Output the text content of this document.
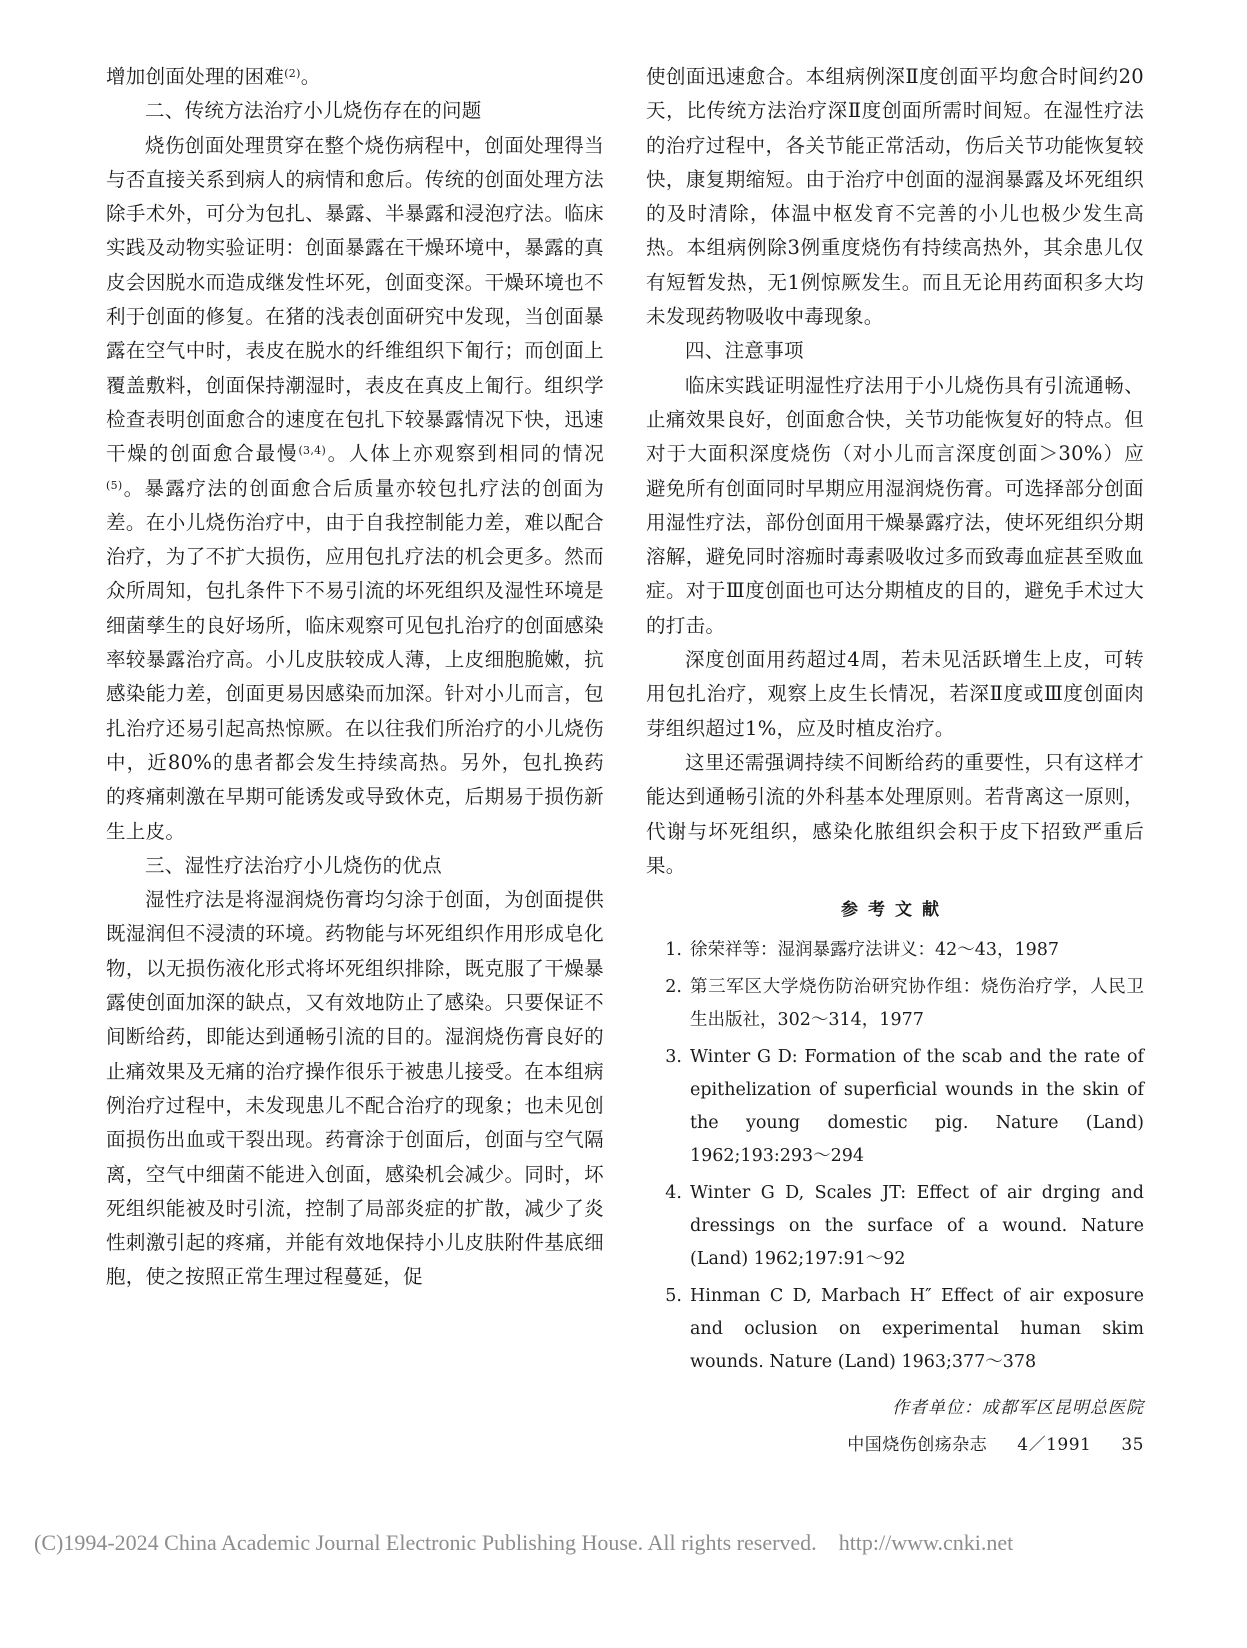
增加创面处理的困难$^{(2)}$。

二、传统方法治疗小儿烧伤存在的问题

烧伤创面处理贯穿在整个烧伤病程中，创面处理得当与否直接关系到病人的病情和愈后。传统的创面处理方法除手术外，可分为包扎、暴露、半暴露和浸泡疗法。临床实践及动物实验证明：创面暴露在干燥环境中，暴露的真皮会因脱水而造成继发性坏死，创面变深。干燥环境也不利于创面的修复。在猪的浅表创面研究中发现，当创面暴露在空气中时，表皮在脱水的纤维组织下匍行；而创面上覆盖敷料，创面保持潮湿时，表皮在真皮上匍行。组织学检查表明创面愈合的速度在包扎下较暴露情况下快，迅速干燥的创面愈合最慢$^{(3,4)}$。人体上亦观察到相同的情况$^{(5)}$。暴露疗法的创面愈合后质量亦较包扎疗法的创面为差。在小儿烧伤治疗中，由于自我控制能力差，难以配合治疗，为了不扩大损伤，应用包扎疗法的机会更多。然而众所周知，包扎条件下不易引流的坏死组织及湿性环境是细菌孳生的良好场所，临床观察可见包扎治疗的创面感染率较暴露治疗高。小儿皮肤较成人薄，上皮细胞脆嫩，抗感染能力差，创面更易因感染而加深。针对小儿而言，包扎治疗还易引起高热惊厥。在以往我们所治疗的小儿烧伤中，近80%的患者都会发生持续高热。另外，包扎换药的疼痛刺激在早期可能诱发或导致休克，后期易于损伤新生上皮。

三、湿性疗法治疗小儿烧伤的优点

湿性疗法是将湿润烧伤膏均匀涂于创面，为创面提供既湿润但不浸渍的环境。药物能与坏死组织作用形成皂化物，以无损伤液化形式将坏死组织排除，既克服了干燥暴露使创面加深的缺点，又有效地防止了感染。只要保证不间断给药，即能达到通畅引流的目的。湿润烧伤膏良好的止痛效果及无痛的治疗操作很乐于被患儿接受。在本组病例治疗过程中，未发现患儿不配合治疗的现象；也未见创面损伤出血或干裂出现。药膏涂于创面后，创面与空气隔离，空气中细菌不能进入创面，感染机会减少。同时，坏死组织能被及时引流，控制了局部炎症的扩散，减少了炎性刺激引起的疼痛，并能有效地保持小儿皮肤附件基底细胞，使之按照正常生理过程蔓延，促

使创面迅速愈合。本组病例深Ⅱ度创面平均愈合时间约20天，比传统方法治疗深Ⅱ度创面所需时间短。在湿性疗法的治疗过程中，各关节能正常活动，伤后关节功能恢复较快，康复期缩短。由于治疗中创面的湿润暴露及坏死组织的及时清除，体温中枢发育不完善的小儿也极少发生高热。本组病例除3例重度烧伤有持续高热外，其余患儿仅有短暂发热，无1例惊厥发生。而且无论用药面积多大均未发现药物吸收中毒现象。

四、注意事项

临床实践证明湿性疗法用于小儿烧伤具有引流通畅、止痛效果良好，创面愈合快，关节功能恢复好的特点。但对于大面积深度烧伤（对小儿而言深度创面＞30%）应避免所有创面同时早期应用湿润烧伤膏。可选择部分创面用湿性疗法，部份创面用干燥暴露疗法，使坏死组织分期溶解，避免同时溶痂时毒素吸收过多而致毒血症甚至败血症。对于Ⅲ度创面也可达分期植皮的目的，避免手术过大的打击。

深度创面用药超过4周，若未见活跃增生上皮，可转用包扎治疗，观察上皮生长情况，若深Ⅱ度或Ⅲ度创面肉芽组织超过1%，应及时植皮治疗。

这里还需强调持续不间断给药的重要性，只有这样才能达到通畅引流的外科基本处理原则。若背离这一原则，代谢与坏死组织，感染化脓组织会积于皮下招致严重后果。

参考文献
1. 徐荣祥等：湿润暴露疗法讲义：42～43，1987
2. 第三军区大学烧伤防治研究协作组：烧伤治疗学，人民卫生出版社，302～314，1977
3. Winter G D: Formation of the scab and the rate of epithelization of superficial wounds in the skin of the young domestic pig. Nature (Land) 1962;193:293～294
4. Winter G D, Scales JT: Effect of air drging and dressings on the surface of a wound. Nature (Land) 1962;197:91～92
5. Hinman C D, Marbach H″ Effect of air exposure and oclusion on experimental human skim wounds. Nature (Land) 1963;377～378
作者单位：成都军区昆明总医院
中国烧伤创疡杂志 4／1991 35
(C)1994-2024 China Academic Journal Electronic Publishing House. All rights reserved. http://www.cnki.net
